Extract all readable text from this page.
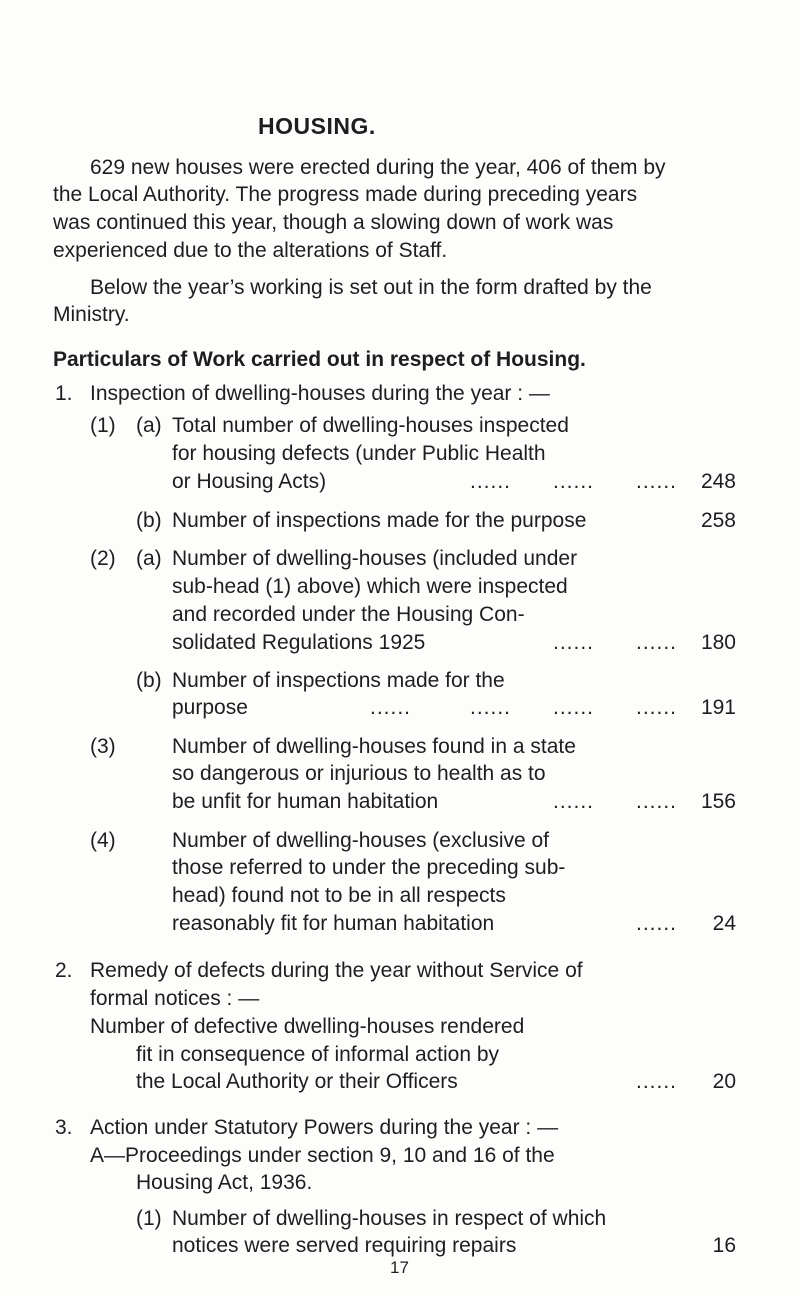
HOUSING.
629 new houses were erected during the year, 406 of them by
the Local Authority. The progress made during preceding years
was continued this year, though a slowing down of work was
experienced due to the alterations of Staff.
Below the year’s working is set out in the form drafted by the
Ministry.
Particulars of Work carried out in respect of Housing.
1. Inspection of dwelling-houses during the year : —
(1) (a) Total number of dwelling-houses inspected
for housing defects (under Public Health
or Housing Acts)	...... ...... ......	248
(b) Number of inspections made for the purpose	258
(2) (a) Number of dwelling-houses (included under
sub-head (1) above) which were inspected
and recorded under the Housing Con-
solidated Regulations 1925	...... ......	180
(b) Number of inspections made for the
purpose	......	...... ...... ......	191
(3)	Number of dwelling-houses found in a state
so dangerous or injurious to health as to
be unfit for human habitation	...... ......	156
(4)	Number of dwelling-houses (exclusive of
those referred to under the preceding sub-
head) found not to be in all respects
reasonably fit for human habitation	......	24
2. Remedy of defects during the year without Service of
formal notices : —
Number of defective dwelling-houses rendered
fit in consequence of informal action by
the Local Authority or their Officers	......	20
3. Action under Statutory Powers during the year : —
A—Proceedings under section 9, 10 and 16 of the
Housing Act, 1936.
(1) Number of dwelling-houses in respect of which
notices were served requiring repairs	16
17
